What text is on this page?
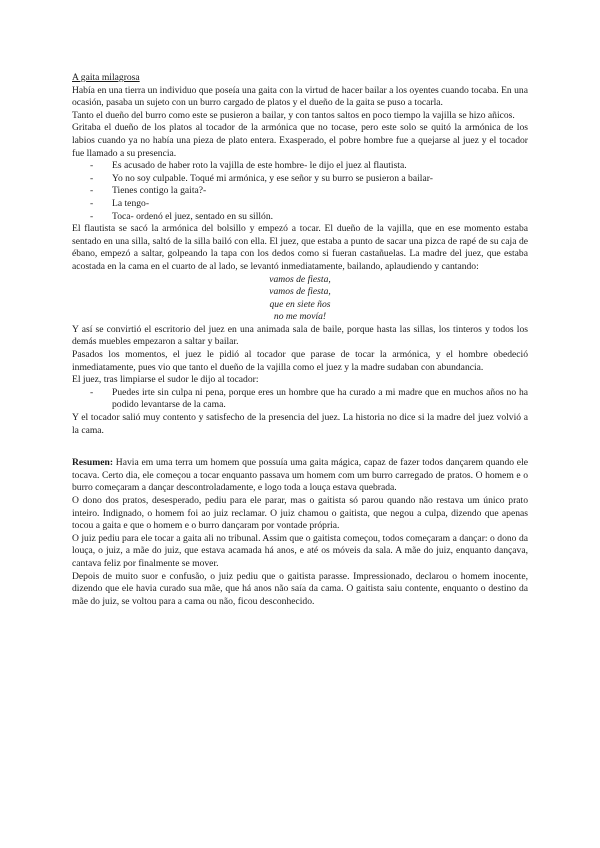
A gaita milagrosa

Había en una tierra un individuo que poseía una gaita con la virtud de hacer bailar a los oyentes cuando tocaba. En una ocasión, pasaba un sujeto con un burro cargado de platos y el dueño de la gaita se puso a tocarla.

Tanto el dueño del burro como este se pusieron a bailar, y con tantos saltos en poco tiempo la vajilla se hizo añicos.

Gritaba el dueño de los platos al tocador de la armónica que no tocase, pero este solo se quitó la armónica de los labios cuando ya no había una pieza de plato entera. Exasperado, el pobre hombre fue a quejarse al juez y el tocador fue llamado a su presencia.

- Es acusado de haber roto la vajilla de este hombre- le dijo el juez al flautista.
- Yo no soy culpable. Toqué mi armónica, y ese señor y su burro se pusieron a bailar-
- Tienes contigo la gaita?-
- La tengo-
- Toca- ordenó el juez, sentado en su sillón.

El flautista se sacó la armónica del bolsillo y empezó a tocar. El dueño de la vajilla, que en ese momento estaba sentado en una silla, saltó de la silla bailó con ella. El juez, que estaba a punto de sacar una pizca de rapé de su caja de ébano, empezó a saltar, golpeando la tapa con los dedos como si fueran castañuelas. La madre del juez, que estaba acostada en la cama en el cuarto de al lado, se levantó inmediatamente, bailando, aplaudiendo y cantando:

vamos de fiesta,

vamos de fiesta,

que en siete ños

no me movía!

Y así se convirtió el escritorio del juez en una animada sala de baile, porque hasta las sillas, los tinteros y todos los demás muebles empezaron a saltar y bailar.

Pasados los momentos, el juez le pidió al tocador que parase de tocar la armónica, y el hombre obedeció inmediatamente, pues vio que tanto el dueño de la vajilla como el juez y la madre sudaban con abundancia.

El juez, tras limpiarse el sudor le dijo al tocador:

- Puedes irte sin culpa ni pena, porque eres un hombre que ha curado a mi madre que en muchos años no ha podido levantarse de la cama.

Y el tocador salió muy contento y satisfecho de la presencia del juez. La historia no dice si la madre del juez volvió a la cama.

Resumen: Havia em uma terra um homem que possuía uma gaita mágica, capaz de fazer todos dançarem quando ele tocava. Certo dia, ele começou a tocar enquanto passava um homem com um burro carregado de pratos. O homem e o burro começaram a dançar descontroladamente, e logo toda a louça estava quebrada.

O dono dos pratos, desesperado, pediu para ele parar, mas o gaitista só parou quando não restava um único prato inteiro. Indignado, o homem foi ao juiz reclamar. O juiz chamou o gaitista, que negou a culpa, dizendo que apenas tocou a gaita e que o homem e o burro dançaram por vontade própria.

O juiz pediu para ele tocar a gaita ali no tribunal. Assim que o gaitista começou, todos começaram a dançar: o dono da louça, o juiz, a mãe do juiz, que estava acamada há anos, e até os móveis da sala. A mãe do juiz, enquanto dançava, cantava feliz por finalmente se mover.

Depois de muito suor e confusão, o juiz pediu que o gaitista parasse. Impressionado, declarou o homem inocente, dizendo que ele havia curado sua mãe, que há anos não saía da cama. O gaitista saiu contente, enquanto o destino da mãe do juiz, se voltou para a cama ou não, ficou desconhecido.
